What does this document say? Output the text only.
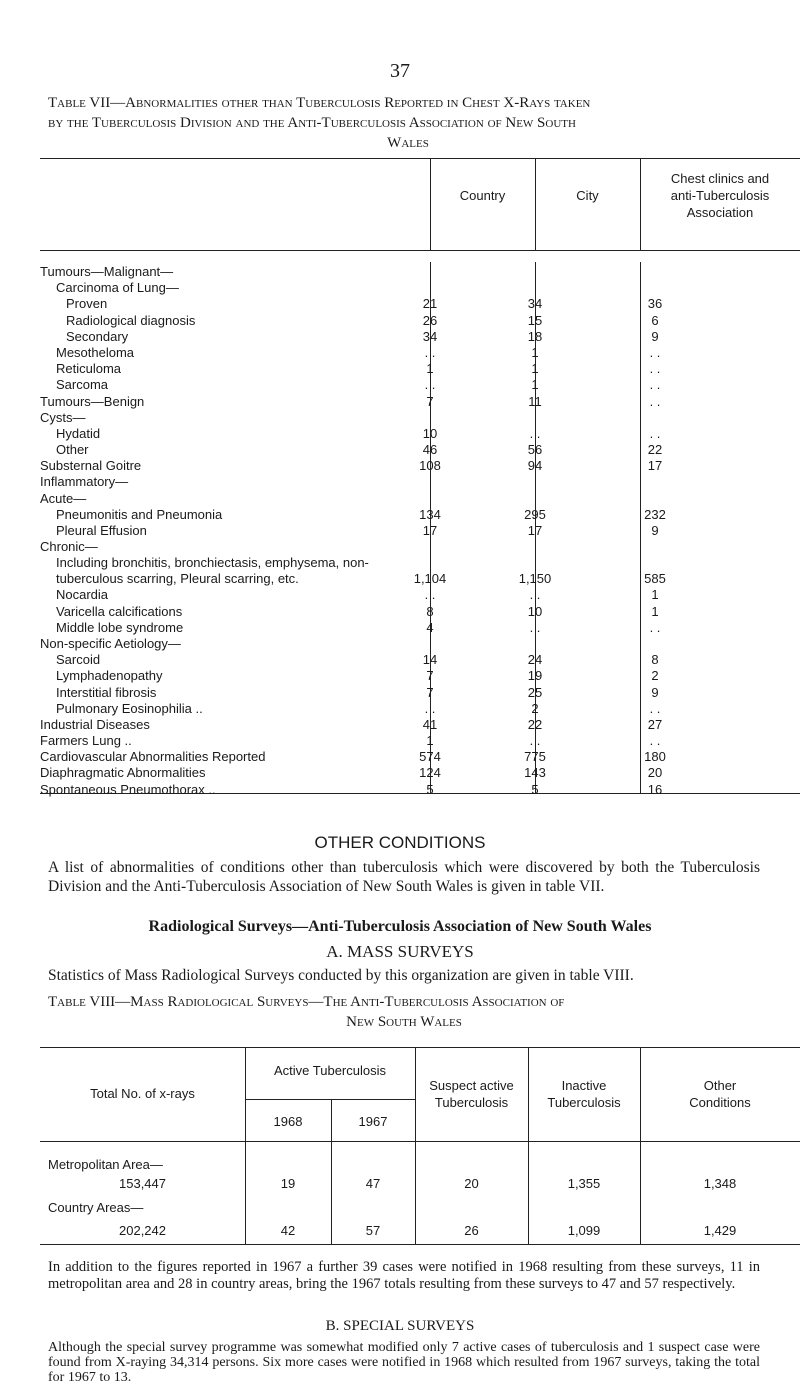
37
Table VII—Abnormalities other than Tuberculosis Reported in Chest X-Rays taken
by the Tuberculosis Division and the Anti-Tuberculosis Association of New South
Wales
Country	City
Chest clinics and
anti-Tuberculosis
Association
Tumours—Malignant—
Carcinoma of Lung—
Proven	21	34	36
Radiological diagnosis	26	15	6
Secondary	34	18	9
Mesotheloma	. .	1	. .
Reticuloma	1	1	. .
Sarcoma	. .	1	. .
Tumours—Benign	7	11	. .
Cysts—
Hydatid	10	. .	. .
Other	46	56	22
Substernal Goitre	108	94	17
Inflammatory—
Acute—
Pneumonitis and Pneumonia	134	295	232
Pleural Effusion	17	17	9
Chronic—
Including bronchitis, bronchiectasis, emphysema, non-tuberculous scarring, Pleural scarring, etc.	1,104	1,150	585
Nocardia	. .	. .	1
Varicella calcifications	8	10	1
Middle lobe syndrome	4	. .	. .
Non-specific Aetiology—
Sarcoid	14	24	8
Lymphadenopathy	7	19	2
Interstitial fibrosis	7	25	9
Pulmonary Eosinophilia ..	. .	2	. .
Industrial Diseases	41	22	27
Farmers Lung ..	1	. .	. .
Cardiovascular Abnormalities Reported	574	775	180
Diaphragmatic Abnormalities	124	143	20
Spontaneous Pneumothorax ..	5	5	16
OTHER CONDITIONS
A list of abnormalities of conditions other than tuberculosis which were discovered by both the Tuberculosis Division and the Anti-Tuberculosis Association of New South Wales is given in table VII.
Radiological Surveys—Anti-Tuberculosis Association of New South Wales
A. MASS SURVEYS
Statistics of Mass Radiological Surveys conducted by this organization are given in table VIII.
Table VIII—Mass Radiological Surveys—The Anti-Tuberculosis Association of
New South Wales
Total No. of x-rays
Active Tuberculosis
1968	1967
Suspect active
Tuberculosis
Inactive
Tuberculosis
Other
Conditions
Metropolitan Area—
153,447	19	47	20	1,355	1,348
Country Areas—
202,242	42	57	26	1,099	1,429
In addition to the figures reported in 1967 a further 39 cases were notified in 1968 resulting from these surveys, 11 in metropolitan area and 28 in country areas, bring the 1967 totals resulting from these surveys to 47 and 57 respectively.
B. SPECIAL SURVEYS
Although the special survey programme was somewhat modified only 7 active cases of tuberculosis and 1 suspect case were found from X-raying 34,314 persons. Six more cases were notified in 1968 which resulted from 1967 surveys, taking the total for 1967 to 13.
